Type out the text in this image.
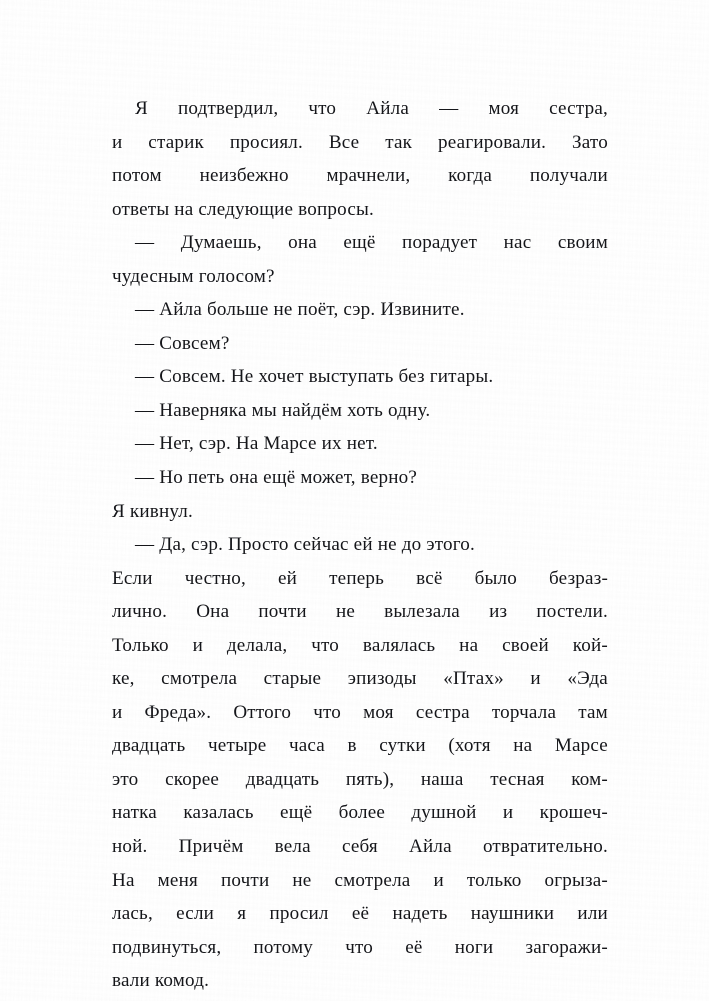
Я подтвердил, что Айла — моя сестра,
и старик просиял. Все так реагировали. Зато
потом неизбежно мрачнели, когда получали
ответы на следующие вопросы.

— Думаешь, она ещё порадует нас своим
чудесным голосом?

— Айла больше не поёт, сэр. Извините.

— Совсем?

— Совсем. Не хочет выступать без гитары.

— Наверняка мы найдём хоть одну.

— Нет, сэр. На Марсе их нет.

— Но петь она ещё может, верно?

Я кивнул.

— Да, сэр. Просто сейчас ей не до этого.

Если честно, ей теперь всё было безраз-
лично. Она почти не вылезала из постели.
Только и делала, что валялась на своей кой-
ке, смотрела старые эпизоды «Птах» и «Эда
и Фреда». Оттого что моя сестра торчала там
двадцать четыре часа в сутки (хотя на Марсе
это скорее двадцать пять), наша тесная ком-
натка казалась ещё более душной и крошеч-
ной. Причём вела себя Айла отвратительно.
На меня почти не смотрела и только огрыза-
лась, если я просил её надеть наушники или
подвинуться, потому что её ноги загоражи-
вали комод.
